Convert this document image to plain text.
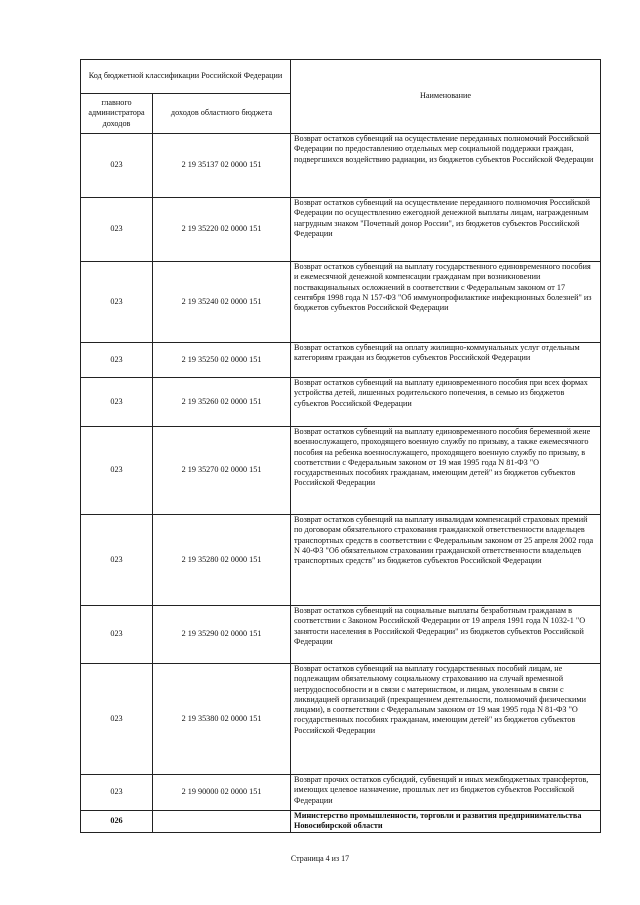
Код бюджетной классификации Российской Федерации		Наименование
главного администратора доходов	доходов областного бюджета	
023	2 19 35137 02 0000 151	Возврат остатков субвенций на осуществление переданных полномочий Российской Федерации по предоставлению отдельных мер социальной поддержки граждан, подвергшихся воздействию радиации, из бюджетов субъектов Российской Федерации
023	2 19 35220 02 0000 151	Возврат остатков субвенций на осуществление переданного полномочия Российской Федерации по осуществлению ежегодной денежной выплаты лицам, награжденным нагрудным знаком "Почетный донор России", из бюджетов субъектов Российской Федерации
023	2 19 35240 02 0000 151	Возврат остатков субвенций на выплату государственного единовременного пособия и ежемесячной денежной компенсации гражданам при возникновении поствакцинальных осложнений в соответствии с Федеральным законом от 17 сентября 1998 года N 157-ФЗ "Об иммунопрофилактике инфекционных болезней" из бюджетов субъектов Российской Федерации
023	2 19 35250 02 0000 151	Возврат остатков субвенций на оплату жилищно-коммунальных услуг отдельным категориям граждан из бюджетов субъектов Российской Федерации
023	2 19 35260 02 0000 151	Возврат остатков субвенций на выплату единовременного пособия при всех формах устройства детей, лишенных родительского попечения, в семью из бюджетов субъектов Российской Федерации
023	2 19 35270 02 0000 151	Возврат остатков субвенций на выплату единовременного пособия беременной жене военнослужащего, проходящего военную службу по призыву, а также ежемесячного пособия на ребенка военнослужащего, проходящего военную службу по призыву, в соответствии с Федеральным законом от 19 мая 1995 года N 81-ФЗ "О государственных пособиях гражданам, имеющим детей" из бюджетов субъектов Российской Федерации
023	2 19 35280 02 0000 151	Возврат остатков субвенций на выплату инвалидам компенсаций страховых премий по договорам обязательного страхования гражданской ответственности владельцев транспортных средств в соответствии с Федеральным законом от 25 апреля 2002 года N 40-ФЗ "Об обязательном страховании гражданской ответственности владельцев транспортных средств" из бюджетов субъектов Российской Федерации
023	2 19 35290 02 0000 151	Возврат остатков субвенций на социальные выплаты безработным гражданам в соответствии с Законом Российской Федерации от 19 апреля 1991 года N 1032-1 "О занятости населения в Российской Федерации" из бюджетов субъектов Российской Федерации
023	2 19 35380 02 0000 151	Возврат остатков субвенций на выплату государственных пособий лицам, не подлежащим обязательному социальному страхованию на случай временной нетрудоспособности и в связи с материнством, и лицам, уволенным в связи с ликвидацией организаций (прекращением деятельности, полномочий физическими лицами), в соответствии с Федеральным законом от 19 мая 1995 года N 81-ФЗ "О государственных пособиях гражданам, имеющим детей" из бюджетов субъектов Российской Федерации
023	2 19 90000 02 0000 151	Возврат прочих остатков субсидий, субвенций и иных межбюджетных трансфертов, имеющих целевое назначение, прошлых лет из бюджетов субъектов Российской Федерации
026		Министерство промышленности, торговли и развития предпринимательства Новосибирской области
Страница 4 из 17
